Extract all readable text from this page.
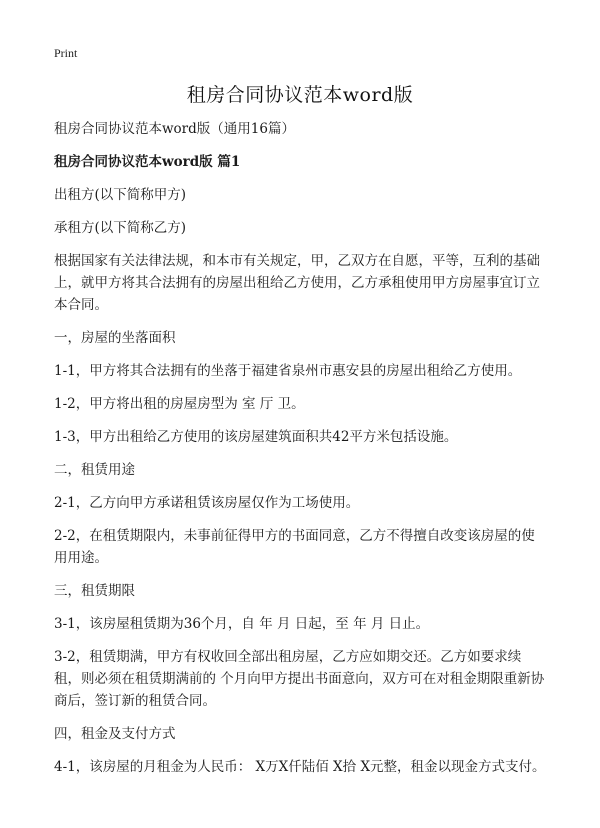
Print
租房合同协议范本word版

租房合同协议范本word版（通用16篇）

租房合同协议范本word版 篇1

出租方(以下简称甲方)

承租方(以下简称乙方)

根据国家有关法律法规，和本市有关规定，甲，乙双方在自愿，平等，互利的基础上，就甲方将其合法拥有的房屋出租给乙方使用，乙方承租使用甲方房屋事宜订立本合同。

一，房屋的坐落面积

1-1，甲方将其合法拥有的坐落于福建省泉州市惠安县的房屋出租给乙方使用。

1-2，甲方将出租的房屋房型为 室 厅 卫。

1-3，甲方出租给乙方使用的该房屋建筑面积共42平方米包括设施。

二，租赁用途

2-1，乙方向甲方承诺租赁该房屋仅作为工场使用。

2-2，在租赁期限内，未事前征得甲方的书面同意，乙方不得擅自改变该房屋的使用用途。

三，租赁期限

3-1，该房屋租赁期为36个月，自 年 月 日起，至 年 月 日止。

3-2，租赁期满，甲方有权收回全部出租房屋，乙方应如期交还。乙方如要求续租，则必须在租赁期满前的 个月向甲方提出书面意向，双方可在对租金期限重新协商后，签订新的租赁合同。

四，租金及支付方式

4-1，该房屋的月租金为人民币： X万X仟陆佰 X拾 X元整，租金以现金方式支付。
